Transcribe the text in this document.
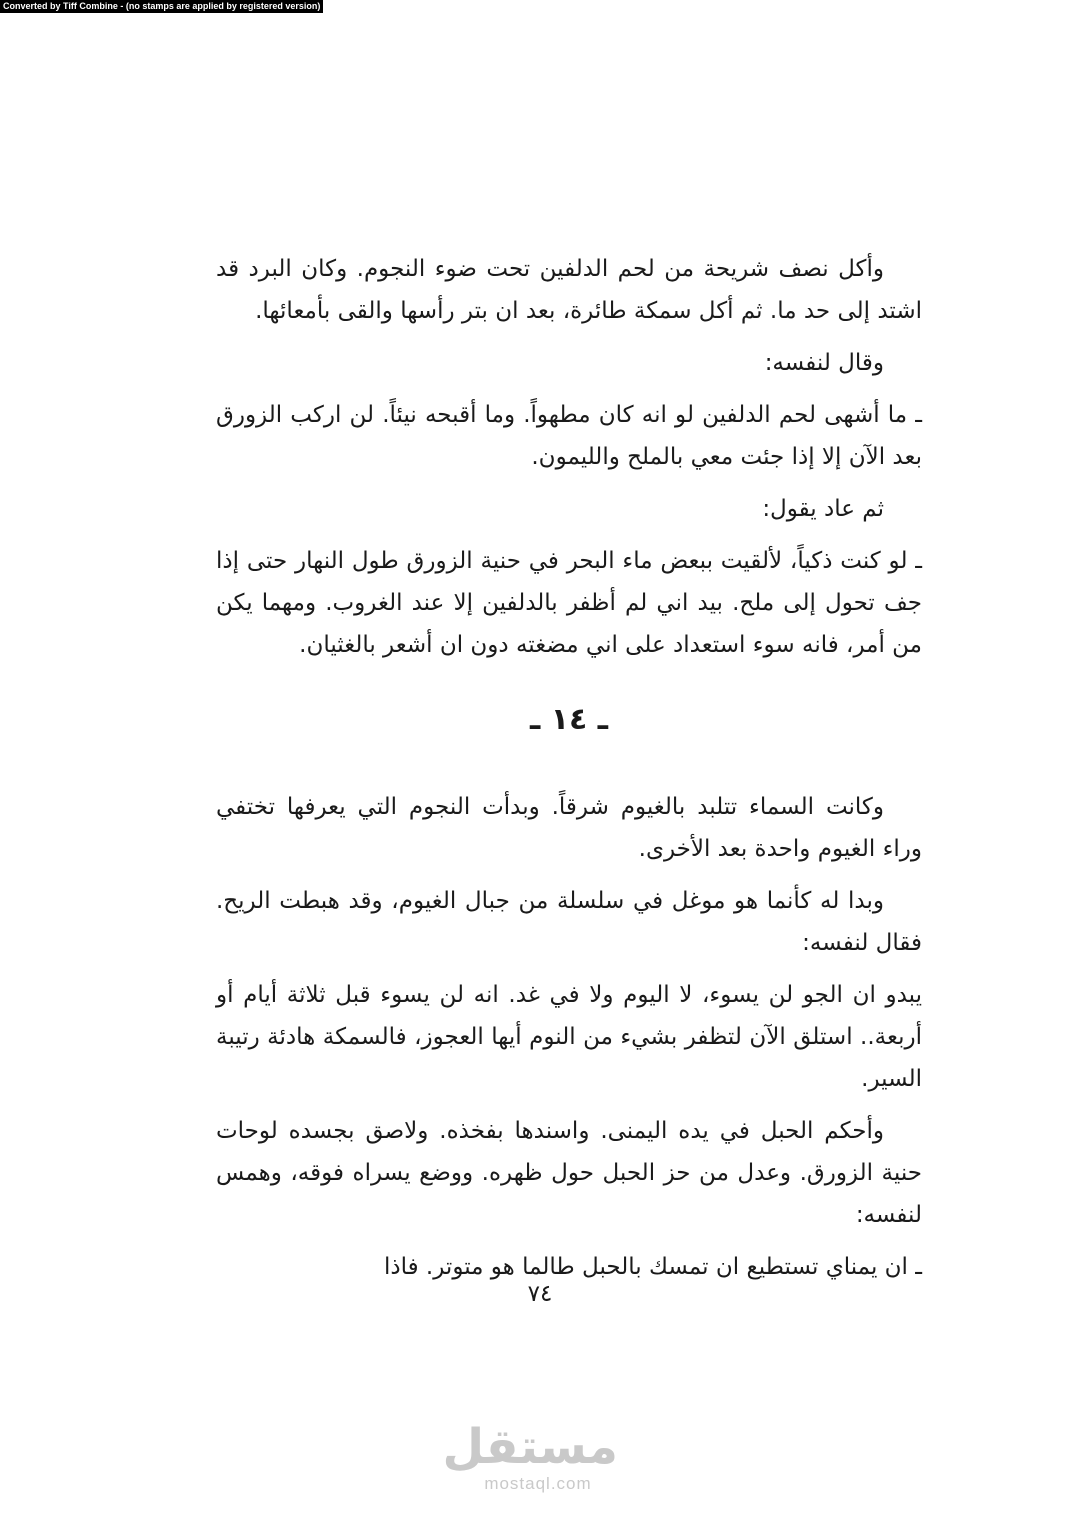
Converted by Tiff Combine - (no stamps are applied by registered version)

وأكل نصف شريحة من لحم الدلفين تحت ضوء النجوم. وكان البرد قد اشتد إلى حد ما. ثم أكل سمكة طائرة، بعد ان بتر رأسها والقى بأمعائها.

وقال لنفسه:

ـ ما أشهى لحم الدلفين لو انه كان مطهواً. وما أقبحه نيئاً. لن اركب الزورق بعد الآن إلا إذا جئت معي بالملح والليمون.

ثم عاد يقول:

ـ لو كنت ذكياً، لألقيت ببعض ماء البحر في حنية الزورق طول النهار حتى إذا جف تحول إلى ملح. بيد اني لم أظفر بالدلفين إلا عند الغروب. ومهما يكن من أمر، فانه سوء استعداد على اني مضغته دون ان أشعر بالغثيان.

ـ ١٤ ـ

وكانت السماء تتلبد بالغيوم شرقاً. وبدأت النجوم التي يعرفها تختفي وراء الغيوم واحدة بعد الأخرى.

وبدا له كأنما هو موغل في سلسلة من جبال الغيوم، وقد هبطت الريح. فقال لنفسه:

يبدو ان الجو لن يسوء، لا اليوم ولا في غد. انه لن يسوء قبل ثلاثة أيام أو أربعة.. استلق الآن لتظفر بشيء من النوم أيها العجوز، فالسمكة هادئة رتيبة السير.

وأحكم الحبل في يده اليمنى. واسندها بفخذه. ولاصق بجسده لوحات حنية الزورق. وعدل من حز الحبل حول ظهره. ووضع يسراه فوقه، وهمس لنفسه:

ـ ان يمناي تستطيع ان تمسك بالحبل طالما هو متوتر. فاذا

٧٤
مستقل
mostaql.com
